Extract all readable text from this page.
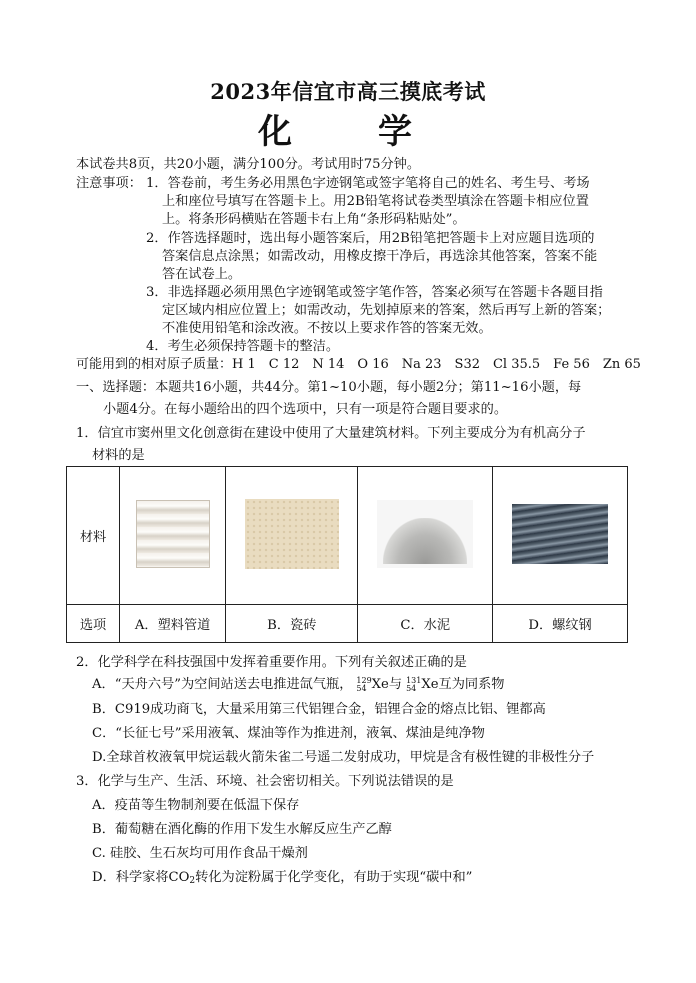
2023年信宜市高三摸底考试
化　学
本试卷共8页，共20小题，满分100分。考试用时75分钟。
注意事项： 1．答卷前，考生务必用黑色字迹钢笔或签字笔将自己的姓名、考生号、考场
上和座位号填写在答题卡上。用2B铅笔将试卷类型填涂在答题卡相应位置
上。将条形码横贴在答题卡右上角“条形码粘贴处”。
2．作答选择题时，选出每小题答案后，用2B铅笔把答题卡上对应题目选项的
答案信息点涂黑；如需改动，用橡皮擦干净后，再选涂其他答案，答案不能
答在试卷上。
3．非选择题必须用黑色字迹钢笔或签字笔作答，答案必须写在答题卡各题目指
定区域内相应位置上；如需改动，先划掉原来的答案，然后再写上新的答案；
不准使用铅笔和涂改液。不按以上要求作答的答案无效。
4．考生必须保持答题卡的整洁。
可能用到的相对原子质量：H 1　C 12　N 14　O 16　Na 23　S32　Cl 35.5　Fe 56　Zn 65
一、选择题：本题共16小题，共44分。第1~10小题，每小题2分；第11~16小题，每
小题4分。在每小题给出的四个选项中，只有一项是符合题目要求的。
1．信宜市窦州里文化创意街在建设中使用了大量建筑材料。下列主要成分为有机高分子
材料的是
材料			

选项	A．塑料管道	B．瓷砖	C．水泥	D．螺纹钢
2．化学科学在科技强国中发挥着重要作用。下列有关叙述正确的是
A．“天舟六号”为空间站送去电推进氙气瓶， 129
54 Xe与 131
54 Xe互为同系物
B．C919成功商飞，大量采用第三代铝锂合金，铝锂合金的熔点比铝、锂都高
C．“长征七号”采用液氧、煤油等作为推进剂，液氧、煤油是纯净物
D.全球首枚液氧甲烷运载火箭朱雀二号遥二发射成功，甲烷是含有极性键的非极性分子
3．化学与生产、生活、环境、社会密切相关。下列说法错误的是
A．疫苗等生物制剂要在低温下保存
B．葡萄糖在酒化酶的作用下发生水解反应生产乙醇
C. 硅胶、生石灰均可用作食品干燥剂
D．科学家将$CO_2$转化为淀粉属于化学变化，有助于实现“碳中和”
